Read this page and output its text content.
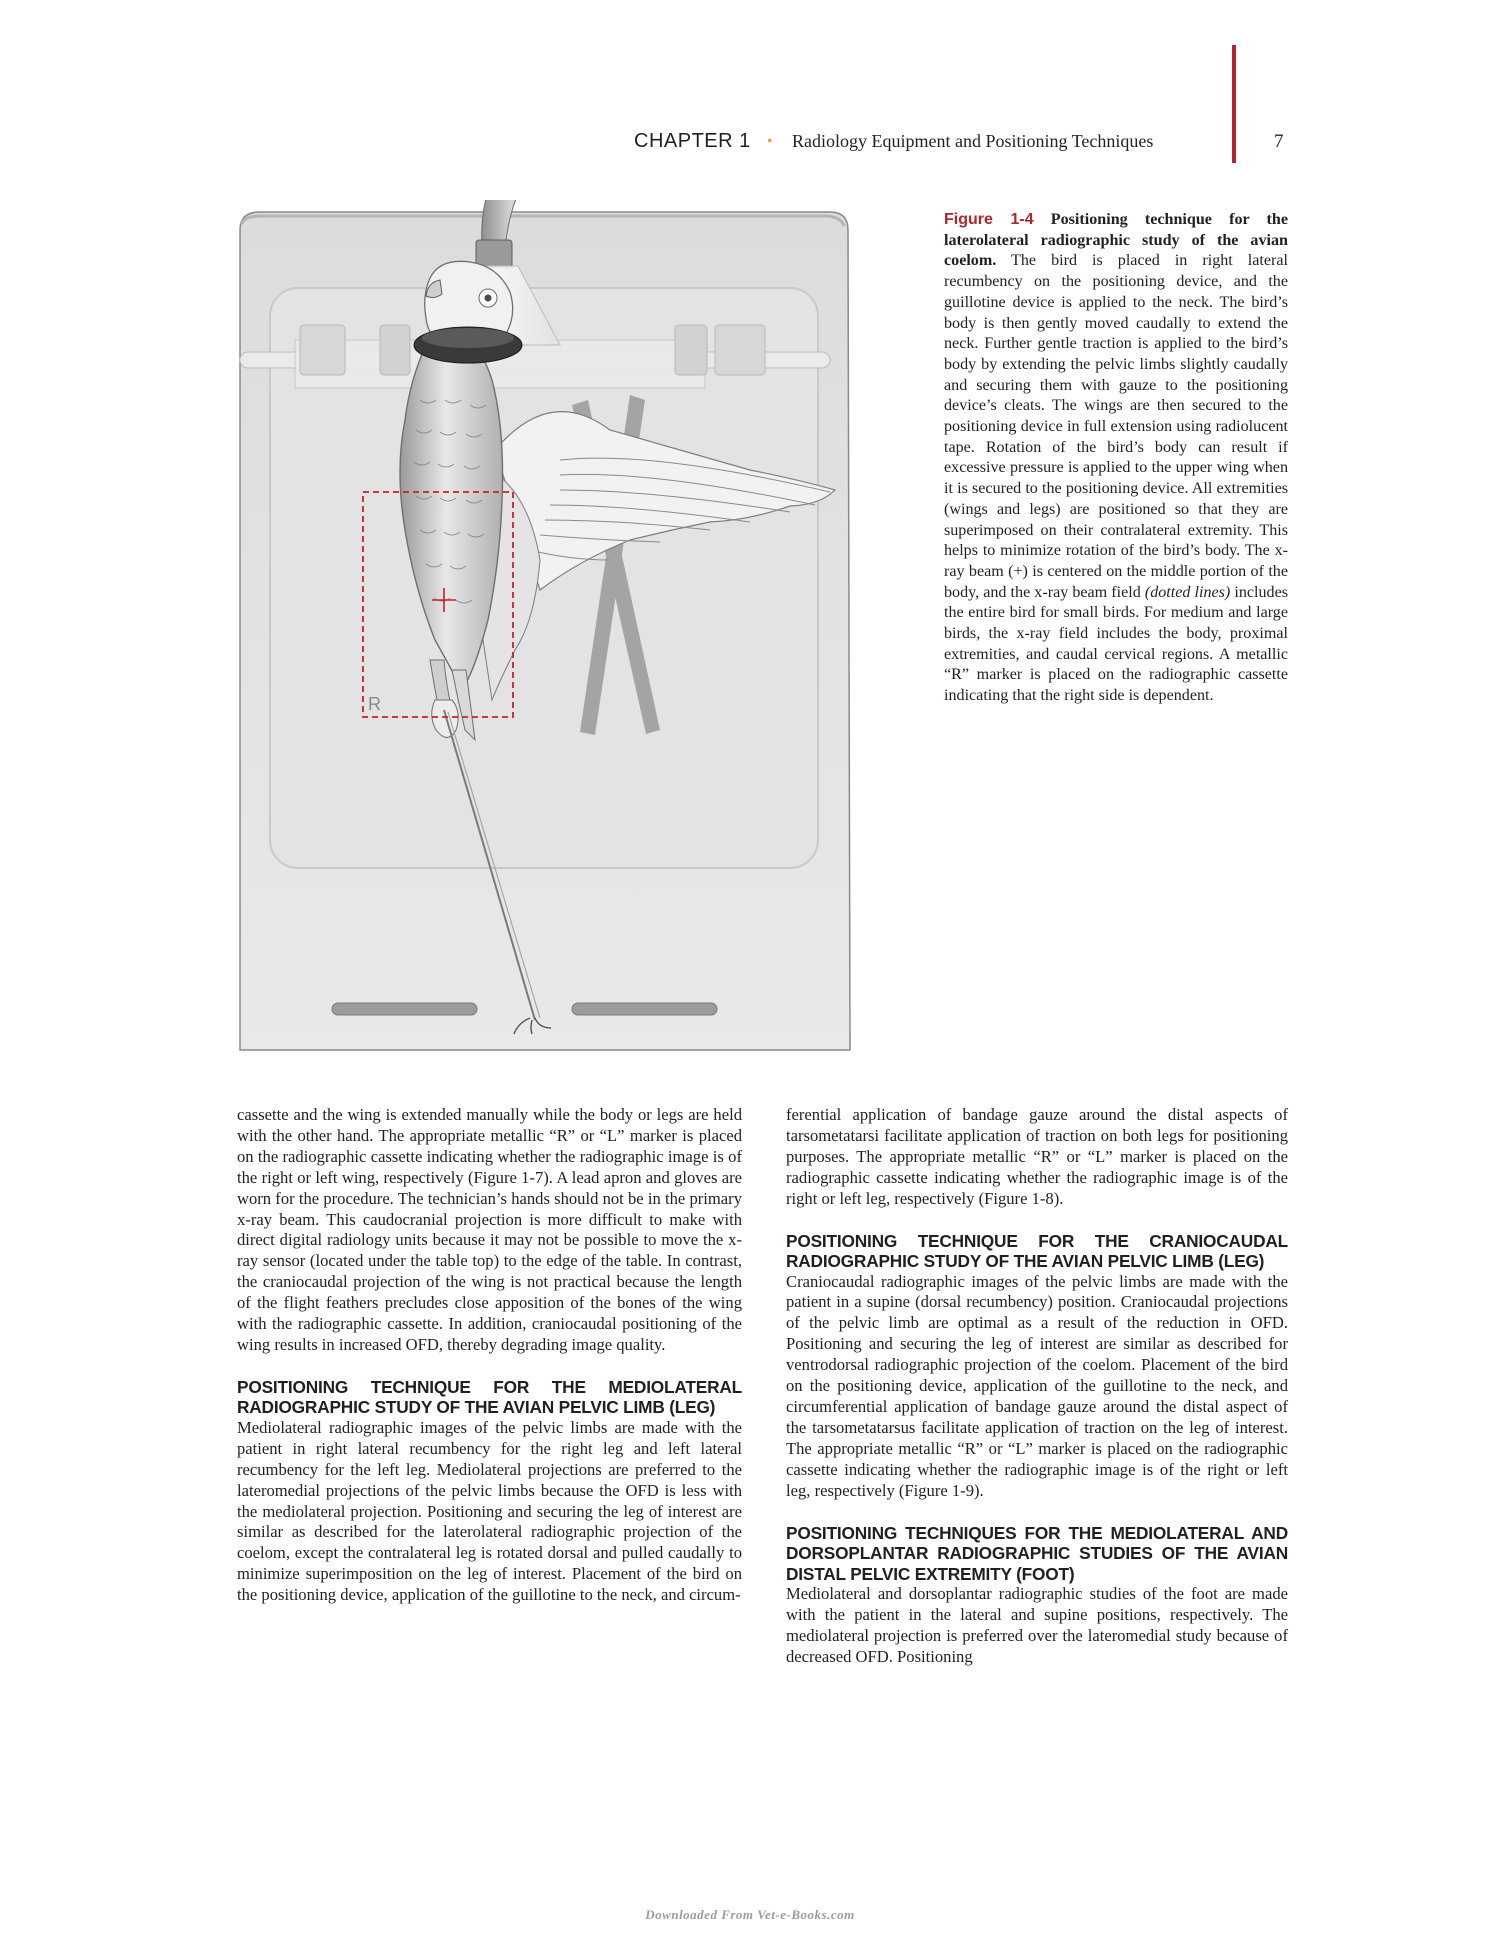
CHAPTER 1 • Radiology Equipment and Positioning Techniques	7
R
Figure 1-4 Positioning technique for the laterolateral radiographic study of the avian coelom. The bird is placed in right lateral recumbency on the positioning device, and the guillotine device is applied to the neck. The bird’s body is then gently moved caudally to extend the neck. Further gentle traction is applied to the bird’s body by extending the pelvic limbs slightly caudally and securing them with gauze to the positioning device’s cleats. The wings are then secured to the positioning device in full extension using radiolucent tape. Rotation of the bird’s body can result if excessive pressure is applied to the upper wing when it is secured to the positioning device. All extremities (wings and legs) are positioned so that they are superimposed on their contralateral extremity. This helps to minimize rotation of the bird’s body. The x-ray beam (+) is centered on the middle portion of the body, and the x-ray beam field (dotted lines) includes the entire bird for small birds. For medium and large birds, the x-ray field includes the body, proximal extremities, and caudal cervical regions. A metallic “R” marker is placed on the radiographic cassette indicating that the right side is dependent.

cassette and the wing is extended manually while the body or legs are held with the other hand. The appropriate metallic “R” or “L” marker is placed on the radiographic cassette indicating whether the radiographic image is of the right or left wing, respectively (Figure 1-7). A lead apron and gloves are worn for the procedure. The technician’s hands should not be in the primary x-ray beam. This caudocranial projection is more difficult to make with direct digital radiology units because it may not be possible to move the x-ray sensor (located under the table top) to the edge of the table. In contrast, the craniocaudal projection of the wing is not practical because the length of the flight feathers precludes close apposition of the bones of the wing with the radiographic cassette. In addition, craniocaudal positioning of the wing results in increased OFD, thereby degrading image quality.

POSITIONING TECHNIQUE FOR THE MEDIOLATERAL RADIOGRAPHIC STUDY OF THE AVIAN PELVIC LIMB (LEG)

Mediolateral radiographic images of the pelvic limbs are made with the patient in right lateral recumbency for the right leg and left lateral recumbency for the left leg. Mediolateral projections are preferred to the lateromedial projections of the pelvic limbs because the OFD is less with the mediolateral projection. Positioning and securing the leg of interest are similar as described for the laterolateral radiographic projection of the coelom, except the contralateral leg is rotated dorsal and pulled caudally to minimize superimposition on the leg of interest. Placement of the bird on the positioning device, application of the guillotine to the neck, and circum-

ferential application of bandage gauze around the distal aspects of tarsometatarsi facilitate application of traction on both legs for positioning purposes. The appropriate metallic “R” or “L” marker is placed on the radiographic cassette indicating whether the radiographic image is of the right or left leg, respectively (Figure 1-8).

POSITIONING TECHNIQUE FOR THE CRANIOCAUDAL RADIOGRAPHIC STUDY OF THE AVIAN PELVIC LIMB (LEG)

Craniocaudal radiographic images of the pelvic limbs are made with the patient in a supine (dorsal recumbency) position. Craniocaudal projections of the pelvic limb are optimal as a result of the reduction in OFD. Positioning and securing the leg of interest are similar as described for ventrodorsal radiographic projection of the coelom. Placement of the bird on the positioning device, application of the guillotine to the neck, and circumferential application of bandage gauze around the distal aspect of the tarsometatarsus facilitate application of traction on the leg of interest. The appropriate metallic “R” or “L” marker is placed on the radiographic cassette indicating whether the radiographic image is of the right or left leg, respectively (Figure 1-9).

POSITIONING TECHNIQUES FOR THE MEDIOLATERAL AND DORSOPLANTAR RADIOGRAPHIC STUDIES OF THE AVIAN DISTAL PELVIC EXTREMITY (FOOT)

Mediolateral and dorsoplantar radiographic studies of the foot are made with the patient in the lateral and supine positions, respectively. The mediolateral projection is preferred over the lateromedial study because of decreased OFD. Positioning

Downloaded From Vet-e-Books.com
